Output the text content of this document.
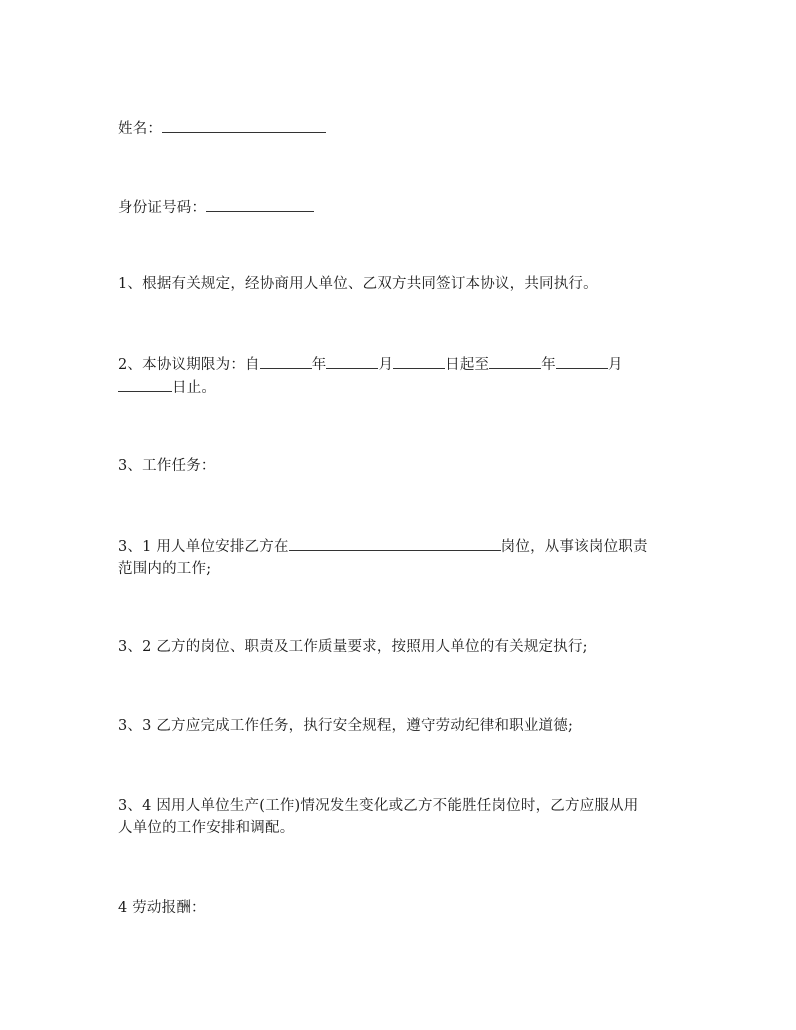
姓名：
身份证号码：
1、根据有关规定，经协商用人单位、乙双方共同签订本协议，共同执行。
2、本协议期限为：自	年	月	日起至	年	月
日止。
3、工作任务：
3、1 用人单位安排乙方在	岗位，从事该岗位职责
范围内的工作;
3、2 乙方的岗位、职责及工作质量要求，按照用人单位的有关规定执行;
3、3 乙方应完成工作任务，执行安全规程，遵守劳动纪律和职业道德;
3、4 因用人单位生产(工作)情况发生变化或乙方不能胜任岗位时，乙方应服从用
人单位的工作安排和调配。
4 劳动报酬：
